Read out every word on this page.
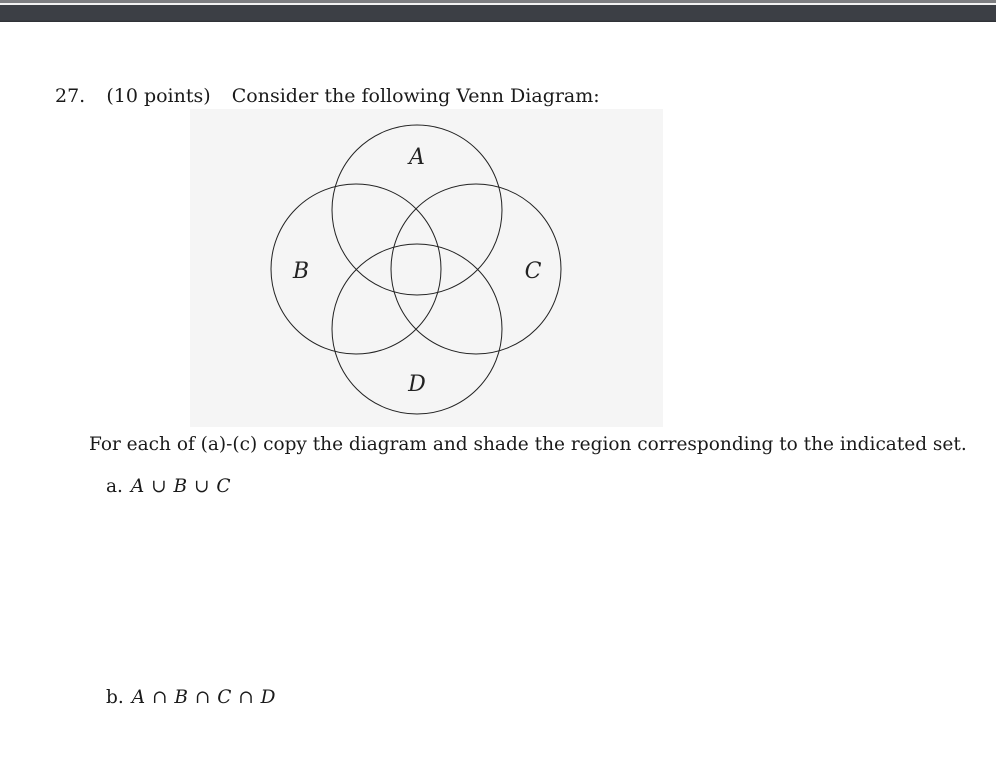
27. (10 points) Consider the following Venn Diagram:
A
B	C
D
For each of (a)-(c) copy the diagram and shade the region corresponding to the indicated set.
a. A ∪ B ∪ C
b. A ∩ B ∩ C ∩ D
